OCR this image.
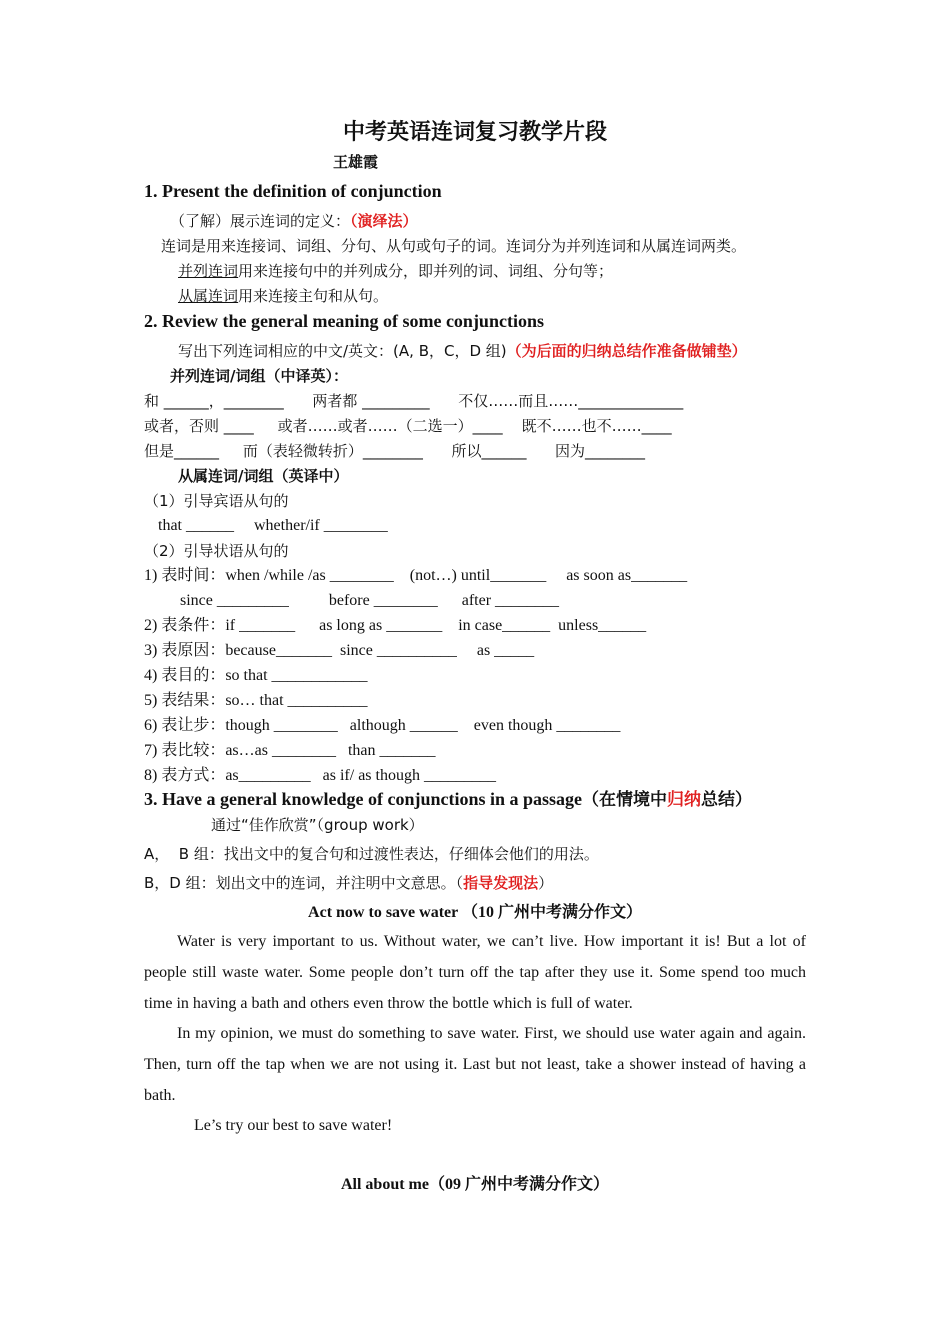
中考英语连词复习教学片段
王雄霞
1. Present the definition of conjunction
（了解）展示连词的定义：（演绎法）
连词是用来连接词、词组、分句、从句或句子的词。连词分为并列连词和从属连词两类。
并列连词用来连接句中的并列成分，即并列的词、词组、分句等；
从属连词用来连接主句和从句。
2. Review the general meaning of some conjunctions
写出下列连词相应的中文/英文：(A, B，C，D 组)（为后面的归纳总结作准备做铺垫）
并列连词/词组（中译英）：
和 ______，________      两者都 _________      不仅……而且……______________
或者，否则 ____     或者……或者……（二选一）____    既不……也不……____
但是______     而（表轻微转折）________      所以______      因为________
从属连词/词组（英译中）
（1）引导宾语从句的
that ______     whether/if ________
（2）引导状语从句的
1) 表时间：when /while /as ________    (not…) until_______     as soon as_______
since _________          before ________      after ________
2) 表条件：if _______      as long as _______    in case______  unless______
3) 表原因：because_______  since __________     as _____
4) 表目的：so that ____________
5) 表结果：so… that __________
6) 表让步：though ________   although ______    even though ________
7) 表比较：as…as ________   than _______
8) 表方式：as_________   as if/ as though _________
3. Have a general knowledge of conjunctions in a passage（在情境中归纳总结）
通过“佳作欣赏”（group work）
A，  B 组：找出文中的复合句和过渡性表达，仔细体会他们的用法。
B，D 组：划出文中的连词，并注明中文意思。（指导发现法）
Act now to save water （10 广州中考满分作文）
Water is very important to us. Without water, we can’t live. How important it is! But a lot of people still waste water. Some people don’t turn off the tap after they use it. Some spend too much time in having a bath and others even throw the bottle which is full of water.
In my opinion, we must do something to save water. First, we should use water again and again. Then, turn off the tap when we are not using it. Last but not least, take a shower instead of having a bath.
Le’s try our best to save water!
All about me（09 广州中考满分作文）
